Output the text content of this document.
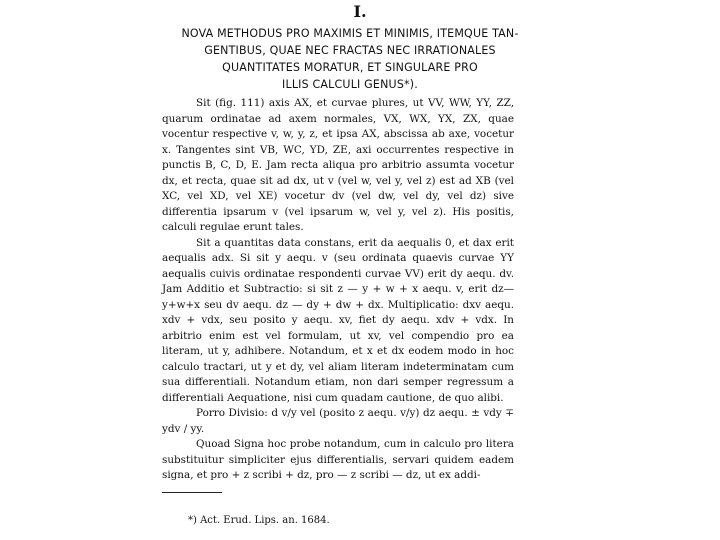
I.
NOVA METHODUS PRO MAXIMIS ET MINIMIS, ITEMQUE TAN-
GENTIBUS, QUAE NEC FRACTAS NEC IRRATIONALES
QUANTITATES MORATUR, ET SINGULARE PRO
ILLIS CALCULI GENUS*).

Sit (fig. 111) axis AX, et curvae plures, ut VV, WW, YY, ZZ, quarum ordinatae ad axem normales, VX, WX, YX, ZX, quae vocentur respective v, w, y, z, et ipsa AX, abscissa ab axe, vocetur x. Tangentes sint VB, WC, YD, ZE, axi occurrentes respective in punctis B, C, D, E. Jam recta aliqua pro arbitrio assumta vocetur dx, et recta, quae sit ad dx, ut v (vel w, vel y, vel z) est ad XB (vel XC, vel XD, vel XE) vocetur dv (vel dw, vel dy, vel dz) sive differentia ipsarum v (vel ipsarum w, vel y, vel z). His positis, calculi regulae erunt tales.

Sit a quantitas data constans, erit da aequalis 0, et dax erit aequalis adx. Si sit y aequ. v (seu ordinata quaevis curvae YY aequalis cuivis ordinatae respondenti curvae VV) erit dy aequ. dv. Jam Additio et Subtractio: si sit z — y + w + x aequ. v, erit dz—y+w+x seu dv aequ. dz — dy + dw + dx. Multiplicatio: dxv aequ. xdv + vdx, seu posito y aequ. xv, fiet dy aequ. xdv + vdx. In arbitrio enim est vel formulam, ut xv, vel compendio pro ea literam, ut y, adhibere. Notandum, et x et dx eodem modo in hoc calculo tractari, ut y et dy, vel aliam literam indeterminatam cum sua differentiali. Notandum etiam, non dari semper regressum a differentiali Aequatione, nisi cum quadam cautione, de quo alibi.

Porro Divisio: d v/y vel (posito z aequ. v/y) dz aequ. ± vdy ∓ ydv / yy.

Quoad Signa hoc probe notandum, cum in calculo pro litera substituitur simpliciter ejus differentialis, servari quidem eadem signa, et pro + z scribi + dz, pro — z scribi — dz, ut ex addi-

*) Act. Erud. Lips. an. 1684.
